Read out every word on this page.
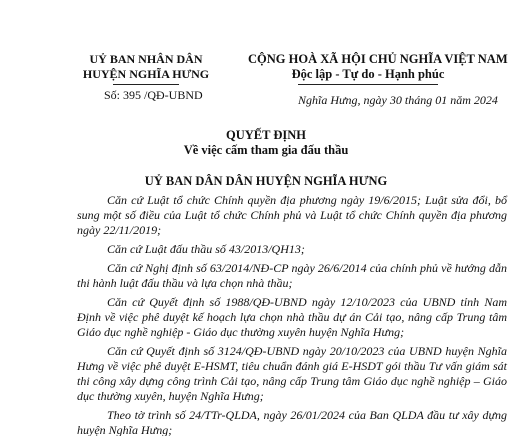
UỶ BAN NHÂN DÂN

HUYỆN NGHĨA HƯNG

Số: 395 /QĐ-UBND

CỘNG HOÀ XÃ HỘI CHỦ NGHĨA VIỆT NAM

Độc lập - Tự do - Hạnh phúc

Nghĩa Hưng, ngày 30 tháng 01 năm 2024

QUYẾT ĐỊNH

Về việc cấm tham gia đấu thầu

UỶ BAN DÂN DÂN HUYỆN NGHĨA HƯNG

Căn cứ Luật tổ chức Chính quyền địa phương ngày 19/6/2015; Luật sửa đổi, bổ sung một số điều của Luật tổ chức Chính phủ và Luật tổ chức Chính quyền địa phương ngày 22/11/2019;

Căn cứ Luật đấu thầu số 43/2013/QH13;

Căn cứ Nghị định số 63/2014/NĐ-CP ngày 26/6/2014 của chính phủ về hướng dẫn thi hành luật đấu thầu và lựa chọn nhà thầu;

Căn cứ Quyết định số 1988/QĐ-UBND ngày 12/10/2023 của UBND tỉnh Nam Định về việc phê duyệt kế hoạch lựa chọn nhà thầu dự án Cải tạo, nâng cấp Trung tâm Giáo dục nghề nghiệp - Giáo dục thường xuyên huyện Nghĩa Hưng;

Căn cứ Quyết định số 3124/QĐ-UBND ngày 20/10/2023 của UBND huyện Nghĩa Hưng về việc phê duyệt E-HSMT, tiêu chuẩn đánh giá E-HSDT gói thầu Tư vấn giám sát thi công xây dựng công trình Cải tạo, nâng cấp Trung tâm Giáo dục nghề nghiệp – Giáo dục thường xuyên, huyện Nghĩa Hưng;

Theo tờ trình số 24/TTr-QLDA, ngày 26/01/2024 của Ban QLDA đầu tư xây dựng huyện Nghĩa Hưng;
